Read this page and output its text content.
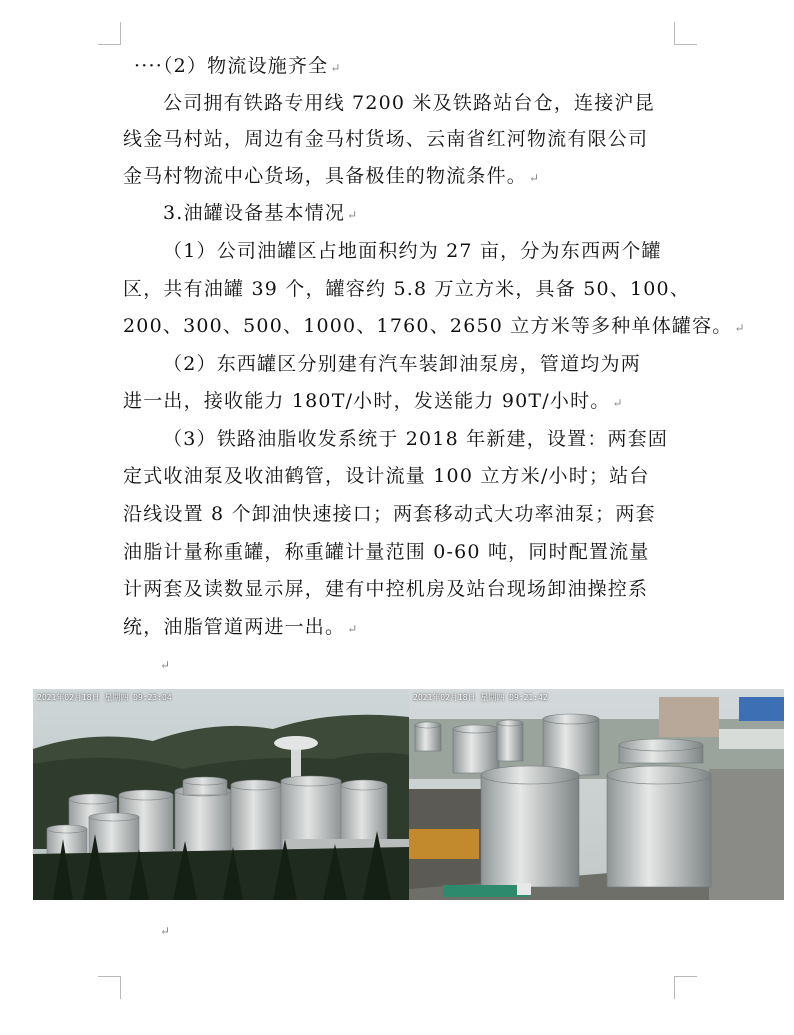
····（2）物流设施齐全 ↵
公司拥有铁路专用线 7200 米及铁路站台仓，连接沪昆
线金马村站，周边有金马村货场、云南省红河物流有限公司
金马村物流中心货场，具备极佳的物流条件。 ↵
3.油罐设备基本情况 ↵
（1）公司油罐区占地面积约为 27 亩，分为东西两个罐
区，共有油罐 39 个，罐容约 5.8 万立方米，具备 50、100、
200、300、500、1000、1760、2650 立方米等多种单体罐容。 ↵
（2）东西罐区分别建有汽车装卸油泵房，管道均为两
进一出，接收能力 180T/小时，发送能力 90T/小时。 ↵
（3）铁路油脂收发系统于 2018 年新建，设置：两套固
定式收油泵及收油鹤管，设计流量 100 立方米/小时；站台
沿线设置 8 个卸油快速接口；两套移动式大功率油泵；两套
油脂计量称重罐，称重罐计量范围 0-60 吨，同时配置流量
计两套及读数显示屏，建有中控机房及站台现场卸油操控系
统，油脂管道两进一出。 ↵
↵
2021年02月18日 星期四 09:23:04	2021年02月18日 星期四 09:21:42
↵
